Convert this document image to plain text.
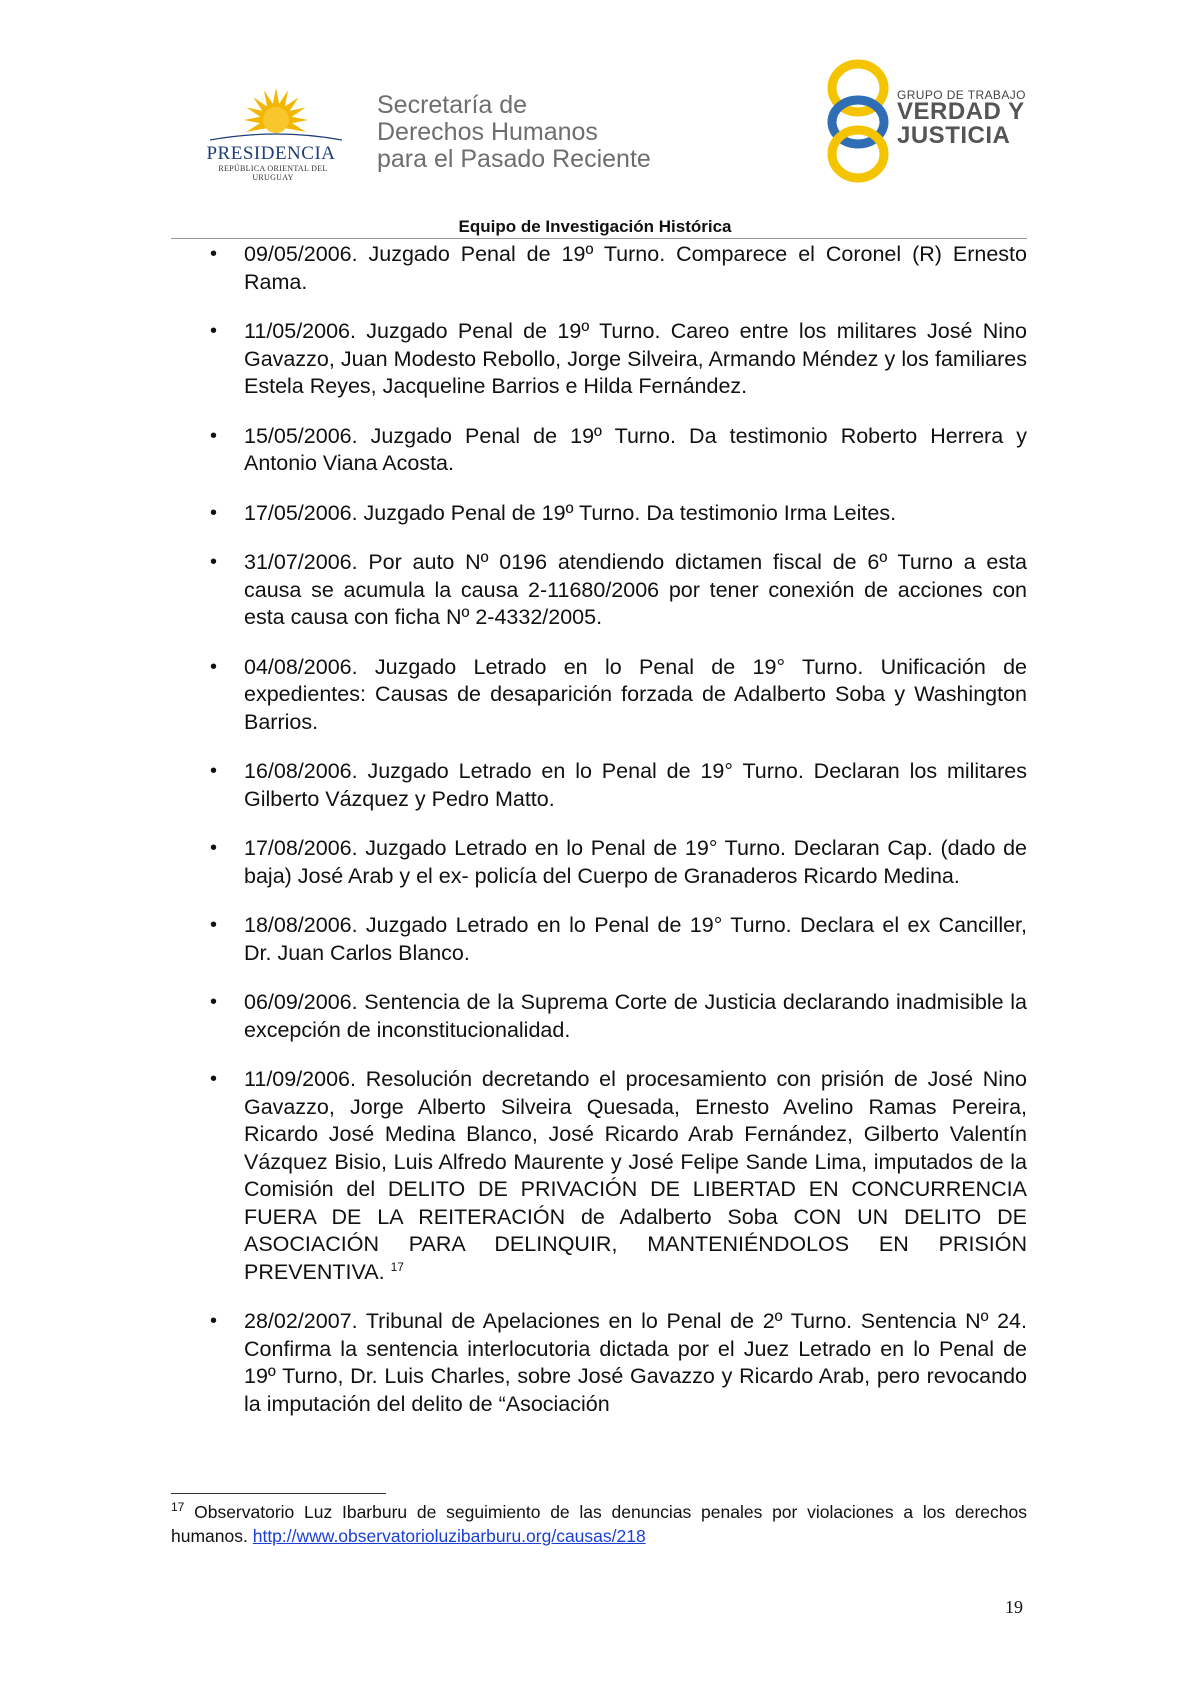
PRESIDENCIA
REPÚBLICA ORIENTAL DEL URUGUAY
Secretaría de
Derechos Humanos
para el Pasado Reciente
GRUPO DE TRABAJO
VERDAD Y
JUSTICIA
Equipo de Investigación Histórica
• 09/05/2006. Juzgado Penal de 19º Turno. Comparece el Coronel (R) Ernesto Rama.
• 11/05/2006. Juzgado Penal de 19º Turno. Careo entre los militares José Nino Gavazzo, Juan Modesto Rebollo, Jorge Silveira, Armando Méndez y los familiares Estela Reyes, Jacqueline Barrios e Hilda Fernández.
• 15/05/2006. Juzgado Penal de 19º Turno. Da testimonio Roberto Herrera y Antonio Viana Acosta.
• 17/05/2006. Juzgado Penal de 19º Turno. Da testimonio Irma Leites.
• 31/07/2006. Por auto Nº 0196 atendiendo dictamen fiscal de 6º Turno a esta causa se acumula la causa 2-11680/2006 por tener conexión de acciones con esta causa con ficha Nº 2-4332/2005.
• 04/08/2006. Juzgado Letrado en lo Penal de 19° Turno. Unificación de expedientes: Causas de desaparición forzada de Adalberto Soba y Washington Barrios.
• 16/08/2006. Juzgado Letrado en lo Penal de 19° Turno. Declaran los militares Gilberto Vázquez y Pedro Matto.
• 17/08/2006. Juzgado Letrado en lo Penal de 19° Turno. Declaran Cap. (dado de baja) José Arab y el ex- policía del Cuerpo de Granaderos Ricardo Medina.
• 18/08/2006. Juzgado Letrado en lo Penal de 19° Turno. Declara el ex Canciller, Dr. Juan Carlos Blanco.
• 06/09/2006. Sentencia de la Suprema Corte de Justicia declarando inadmisible la excepción de inconstitucionalidad.
• 11/09/2006. Resolución decretando el procesamiento con prisión de José Nino Gavazzo, Jorge Alberto Silveira Quesada, Ernesto Avelino Ramas Pereira, Ricardo José Medina Blanco, José Ricardo Arab Fernández, Gilberto Valentín Vázquez Bisio, Luis Alfredo Maurente y José Felipe Sande Lima, imputados de la Comisión del DELITO DE PRIVACIÓN DE LIBERTAD EN CONCURRENCIA FUERA DE LA REITERACIÓN de Adalberto Soba CON UN DELITO DE ASOCIACIÓN PARA DELINQUIR, MANTENIÉNDOLOS EN PRISIÓN PREVENTIVA. $^{17}$
• 28/02/2007. Tribunal de Apelaciones en lo Penal de 2º Turno. Sentencia Nº 24. Confirma la sentencia interlocutoria dictada por el Juez Letrado en lo Penal de 19º Turno, Dr. Luis Charles, sobre José Gavazzo y Ricardo Arab, pero revocando la imputación del delito de “Asociación
$^{17}$ Observatorio Luz Ibarburu de seguimiento de las denuncias penales por violaciones a los derechos humanos. http://www.observatorioluzibarburu.org/causas/218
19
